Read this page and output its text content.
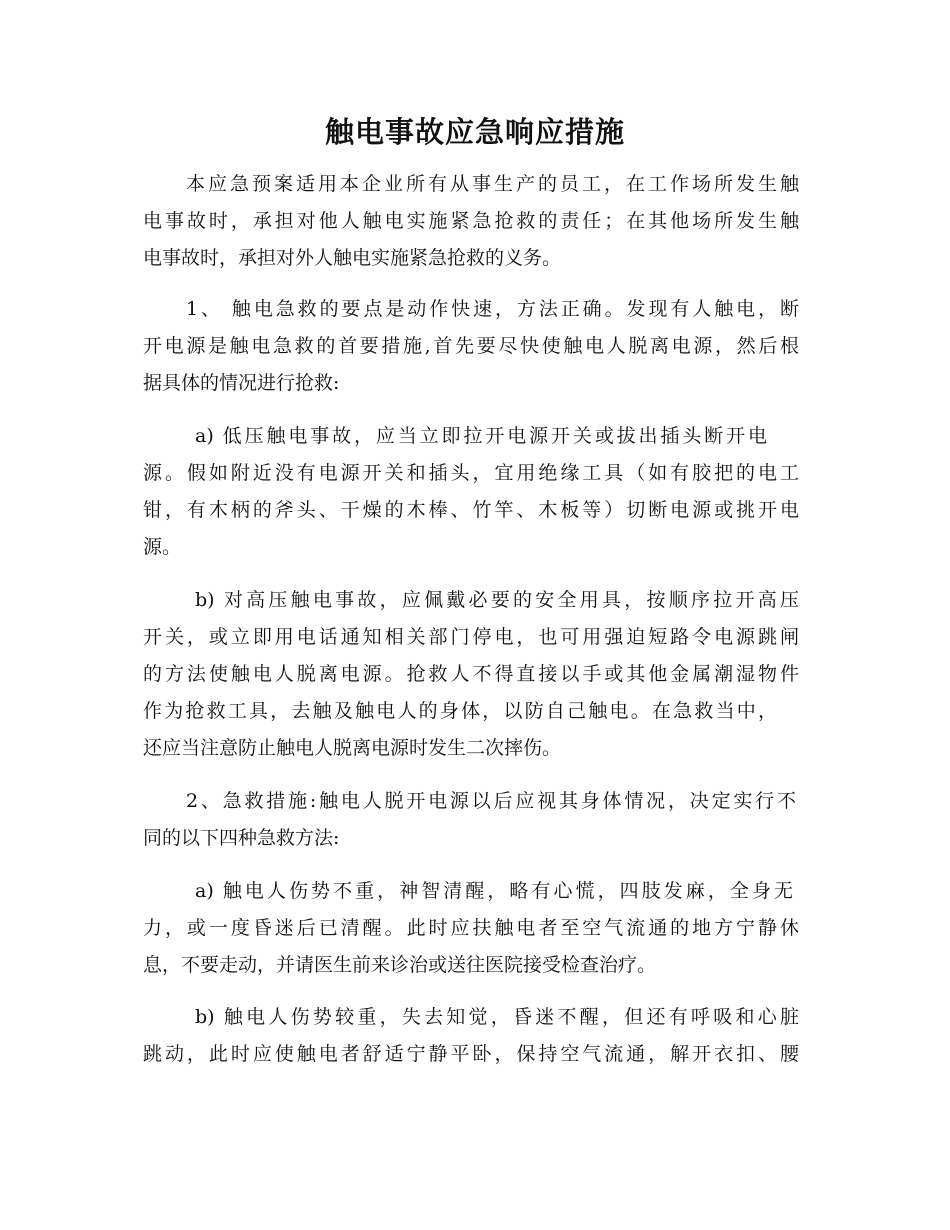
触电事故应急响应措施
本应急预案适用本企业所有从事生产的员工，在工作场所发生触
电事故时，承担对他人触电实施紧急抢救的责任；在其他场所发生触
电事故时，承担对外人触电实施紧急抢救的义务。
1、 触电急救的要点是动作快速，方法正确。发现有人触电，断
开电源是触电急救的首要措施,首先要尽快使触电人脱离电源，然后根
据具体的情况进行抢救:
a) 低压触电事故，应当立即拉开电源开关或拔出插头断开电
源。假如附近没有电源开关和插头，宜用绝缘工具（如有胶把的电工
钳，有木柄的斧头、干燥的木棒、竹竿、木板等）切断电源或挑开电
源。
b) 对高压触电事故，应佩戴必要的安全用具，按顺序拉开高压
开关，或立即用电话通知相关部门停电，也可用强迫短路令电源跳闸
的方法使触电人脱离电源。抢救人不得直接以手或其他金属潮湿物件
作为抢救工具，去触及触电人的身体，以防自己触电。在急救当中，
还应当注意防止触电人脱离电源时发生二次摔伤。
2、急救措施:触电人脱开电源以后应视其身体情况，决定实行不
同的以下四种急救方法:
a) 触电人伤势不重，神智清醒，略有心慌，四肢发麻，全身无
力，或一度昏迷后已清醒。此时应扶触电者至空气流通的地方宁静休
息，不要走动，并请医生前来诊治或送往医院接受检查治疗。
b) 触电人伤势较重，失去知觉，昏迷不醒，但还有呼吸和心脏
跳动，此时应使触电者舒适宁静平卧，保持空气流通，解开衣扣、腰
